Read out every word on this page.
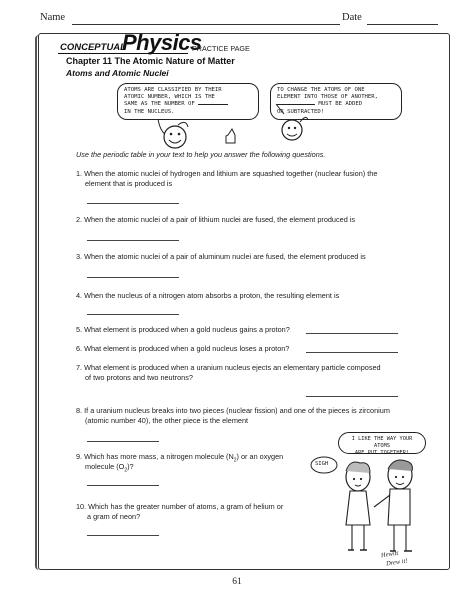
Name	Date
CONCEPTUAL
Physics
PRACTICE PAGE
Chapter 11 The Atomic Nature of Matter
Atoms and Atomic Nuclei
ATOMS ARE CLASSIFIED BY THEIR
ATOMIC NUMBER, WHICH IS THE
SAME AS THE NUMBER OF
IN THE NUCLEUS.
TO CHANGE THE ATOMS OF ONE
ELEMENT INTO THOSE OF ANOTHER,
MUST BE ADDED
OR SUBTRACTED!
Use the periodic table in your text to help you answer the following questions.
1. When the atomic nuclei of hydrogen and lithium are squashed together (nuclear fusion) the
element that is produced is
2. When the atomic nuclei of a pair of lithium nuclei are fused, the element produced is
3. When the atomic nuclei of a pair of aluminum nuclei are fused, the element produced is
4. When the nucleus of a nitrogen atom absorbs a proton, the resulting element is
5. What element is produced when a gold nucleus gains a proton?
6. What element is produced when a gold nucleus loses a proton?
7. What element is produced when a uranium nucleus ejects an elementary particle composed
of two protons and two neutrons?
8. If a uranium nucleus breaks into two pieces (nuclear fission) and one of the pieces is zirconium
(atomic number 40), the other piece is the element
9. Which has more mass, a nitrogen molecule $(N_2)$ or an oxygen
molecule $(O_2)$?
10. Which has the greater number of atoms, a gram of helium or
a gram of neon?
I LIKE THE WAY YOUR ATOMS
ARE PUT TOGETHER!
SIGH
Hewitt
Drew it!
61
